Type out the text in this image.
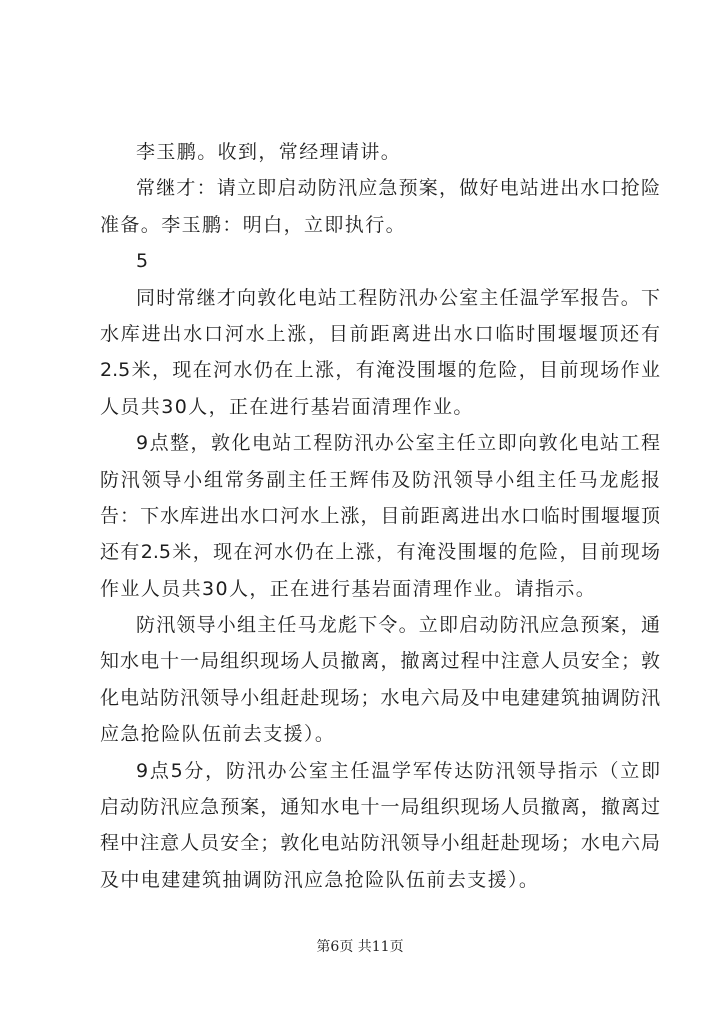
李玉鹏。收到，常经理请讲。
常继才：请立即启动防汛应急预案，做好电站进出水口抢险
准备。李玉鹏：明白，立即执行。
5
同时常继才向敦化电站工程防汛办公室主任温学军报告。下
水库进出水口河水上涨，目前距离进出水口临时围堰堰顶还有
2.5米，现在河水仍在上涨，有淹没围堰的危险，目前现场作业
人员共30人，正在进行基岩面清理作业。
9点整，敦化电站工程防汛办公室主任立即向敦化电站工程
防汛领导小组常务副主任王辉伟及防汛领导小组主任马龙彪报
告：下水库进出水口河水上涨，目前距离进出水口临时围堰堰顶
还有2.5米，现在河水仍在上涨，有淹没围堰的危险，目前现场
作业人员共30人，正在进行基岩面清理作业。请指示。
防汛领导小组主任马龙彪下令。立即启动防汛应急预案，通
知水电十一局组织现场人员撤离，撤离过程中注意人员安全；敦
化电站防汛领导小组赶赴现场；水电六局及中电建建筑抽调防汛
应急抢险队伍前去支援）。
9点5分，防汛办公室主任温学军传达防汛领导指示（立即
启动防汛应急预案，通知水电十一局组织现场人员撤离，撤离过
程中注意人员安全；敦化电站防汛领导小组赶赴现场；水电六局
及中电建建筑抽调防汛应急抢险队伍前去支援）。
第6页 共11页
